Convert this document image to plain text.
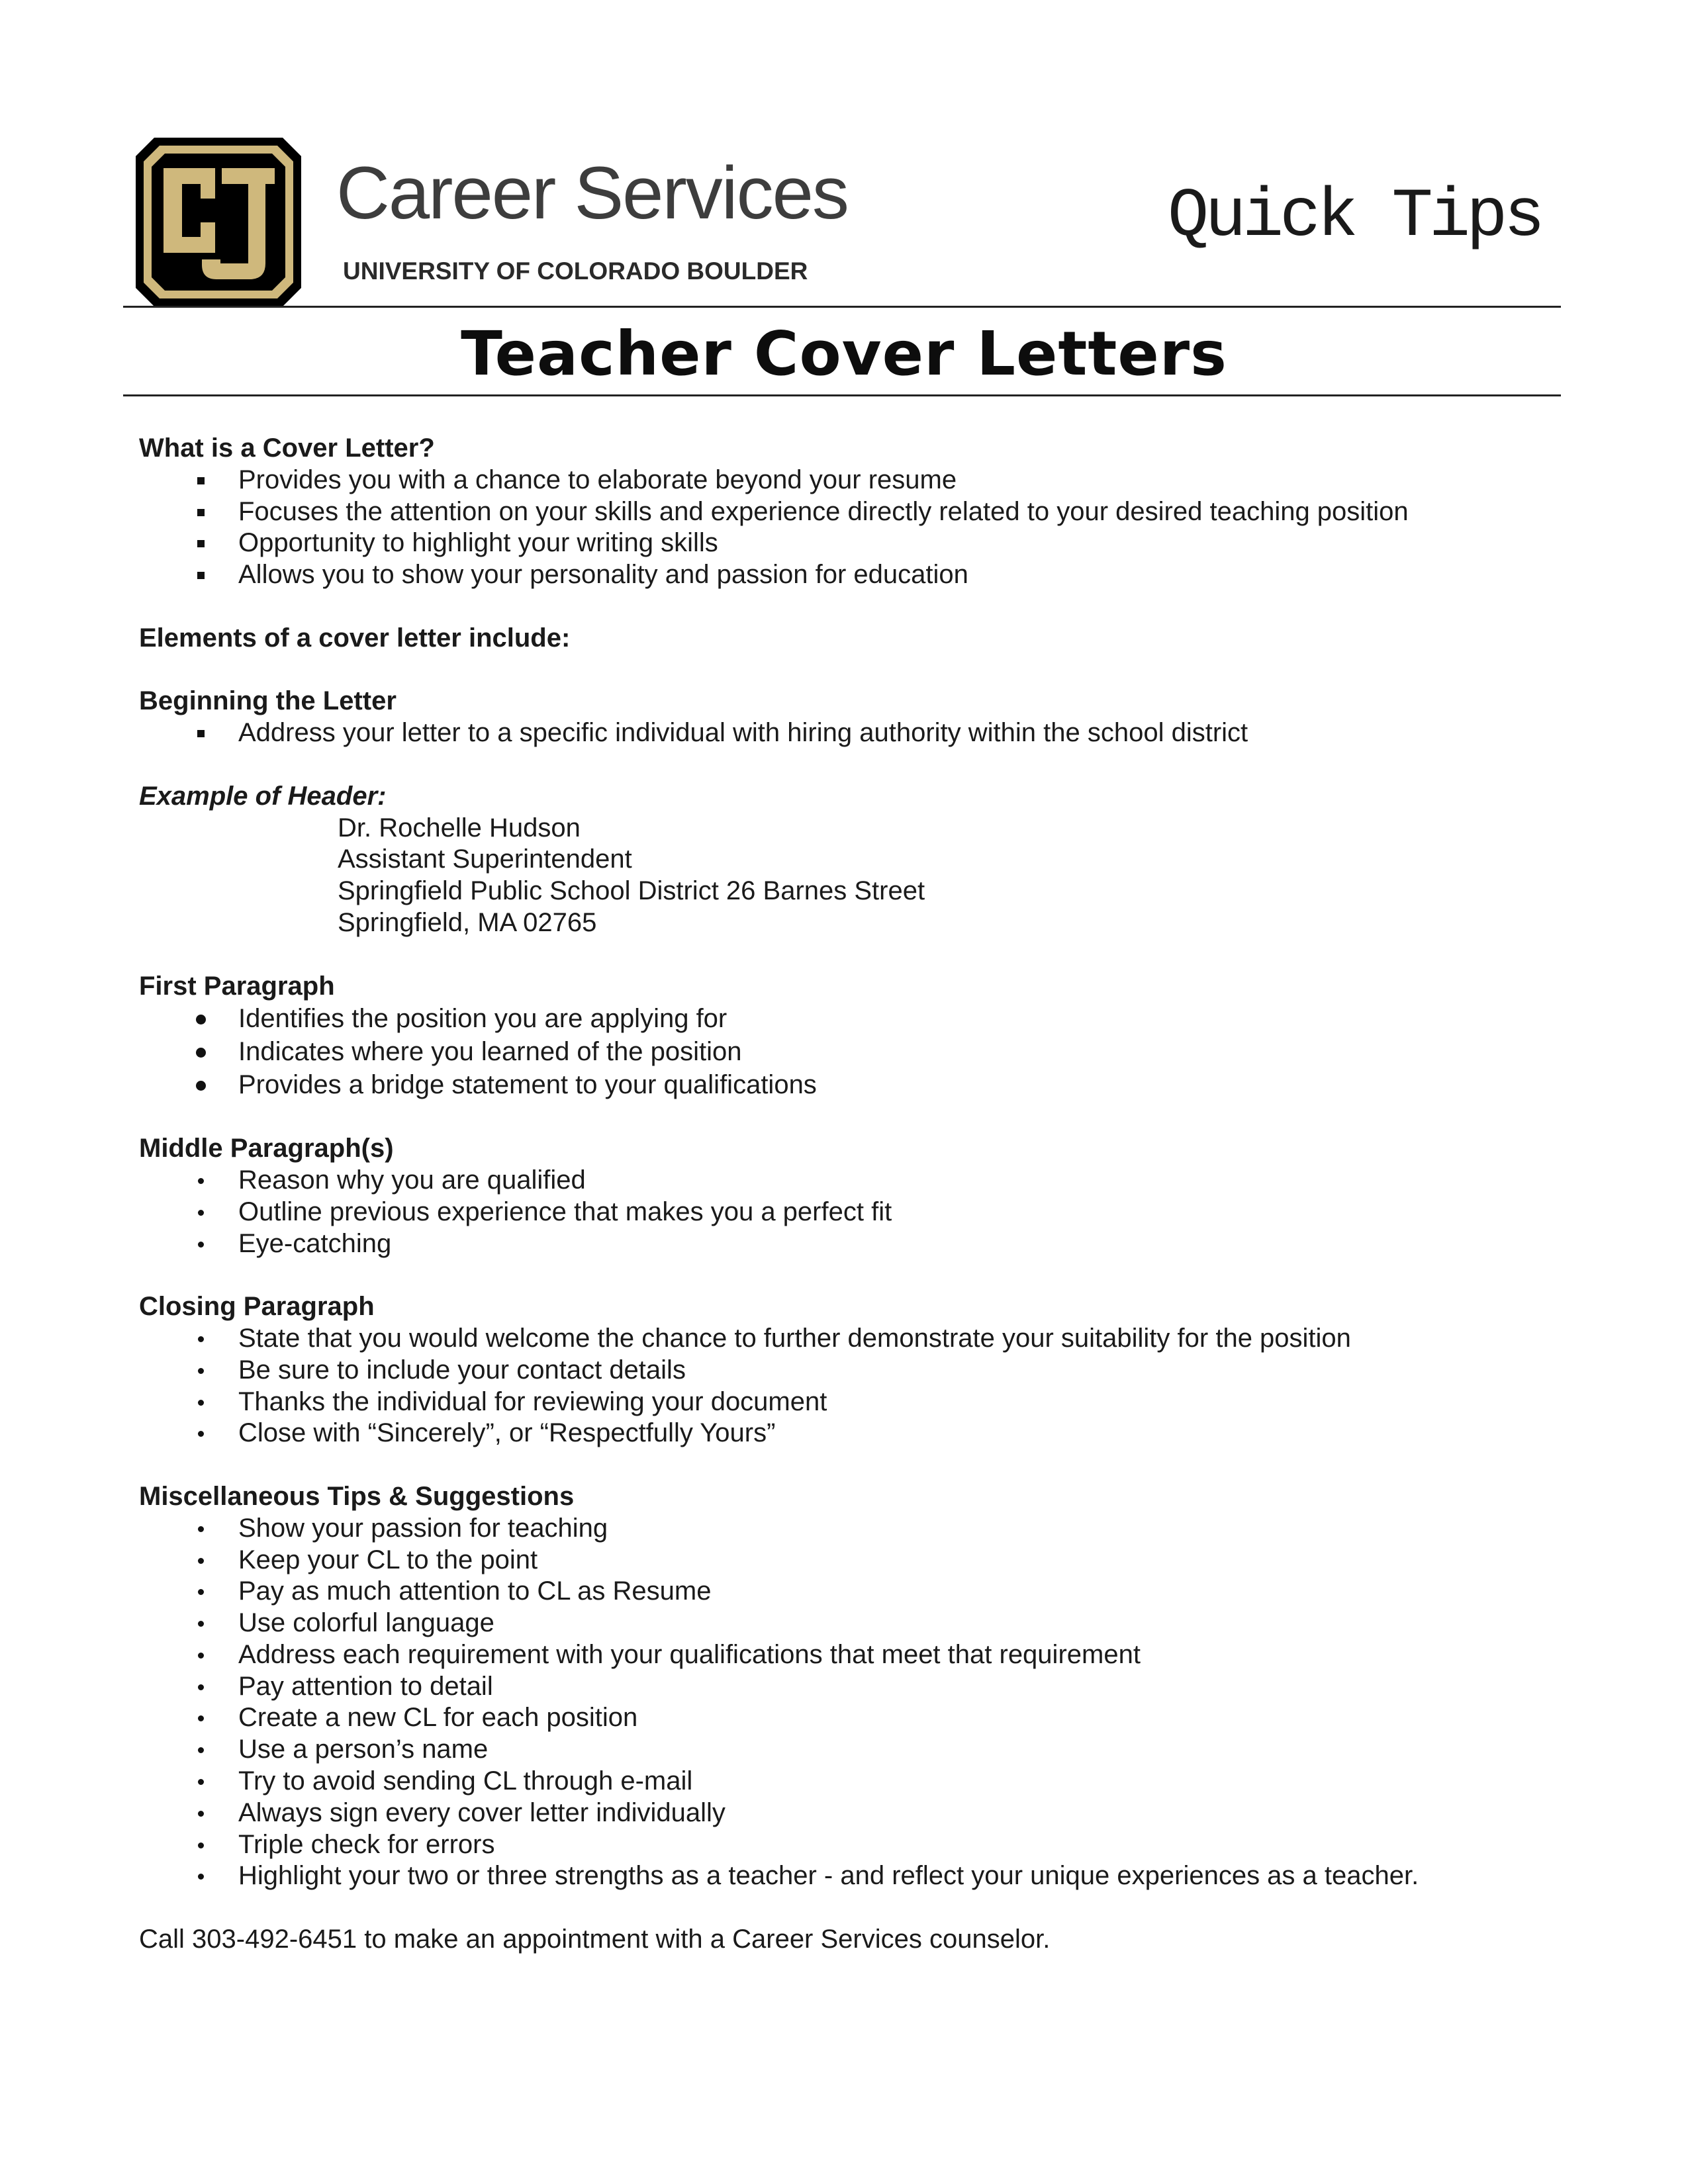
Career Services
UNIVERSITY OF COLORADO BOULDER
Quick Tips
Teacher Cover Letters

What is a Cover Letter?

Provides you with a chance to elaborate beyond your resume
Focuses the attention on your skills and experience directly related to your desired teaching position
Opportunity to highlight your writing skills
Allows you to show your personality and passion for education

Elements of a cover letter include:

Beginning the Letter

Address your letter to a specific individual with hiring authority within the school district

Example of Header:

Dr. Rochelle Hudson
Assistant Superintendent
Springfield Public School District 26 Barnes Street
Springfield, MA 02765

First Paragraph

Identifies the position you are applying for
Indicates where you learned of the position
Provides a bridge statement to your qualifications

Middle Paragraph(s)

Reason why you are qualified
Outline previous experience that makes you a perfect fit
Eye-catching

Closing Paragraph

State that you would welcome the chance to further demonstrate your suitability for the position
Be sure to include your contact details
Thanks the individual for reviewing your document
Close with “Sincerely”, or “Respectfully Yours”

Miscellaneous Tips & Suggestions

Show your passion for teaching
Keep your CL to the point
Pay as much attention to CL as Resume
Use colorful language
Address each requirement with your qualifications that meet that requirement
Pay attention to detail
Create a new CL for each position
Use a person’s name
Try to avoid sending CL through e-mail
Always sign every cover letter individually
Triple check for errors
Highlight your two or three strengths as a teacher - and reflect your unique experiences as a teacher.

Call 303-492-6451 to make an appointment with a Career Services counselor.
